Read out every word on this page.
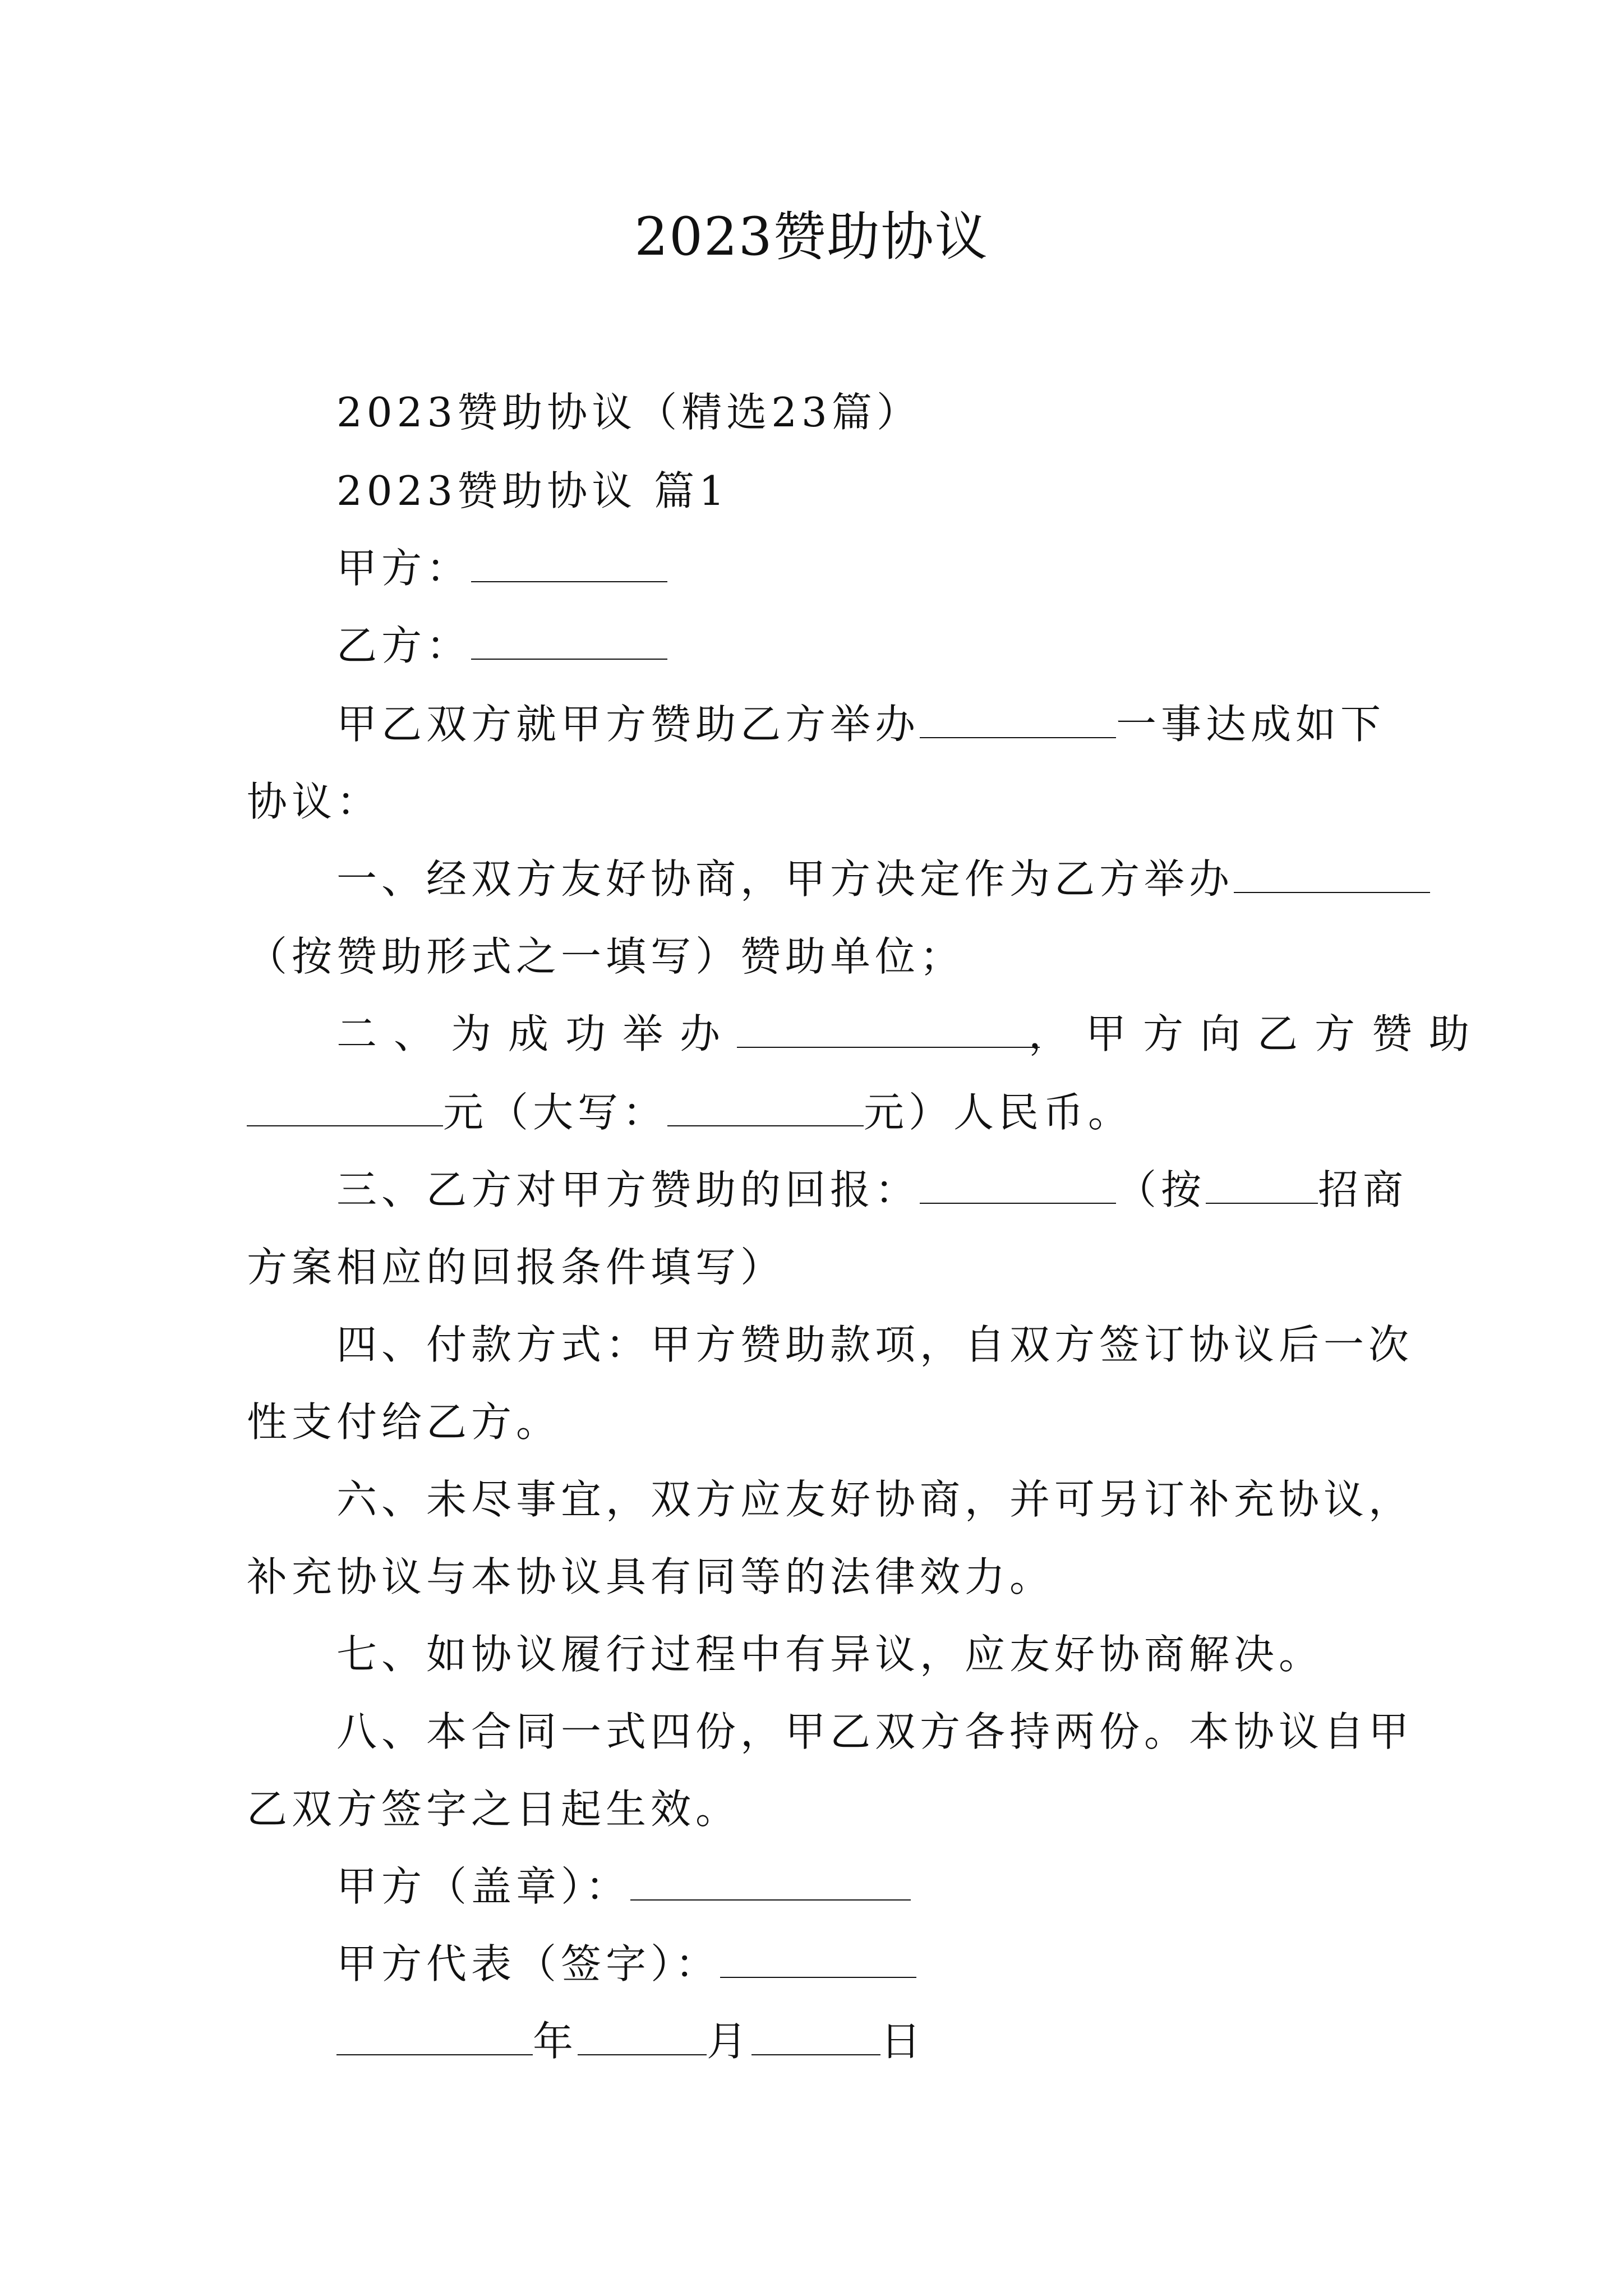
2023赞助协议
2023赞助协议（精选23篇）
2023赞助协议 篇1
甲方：
乙方：
甲乙双方就甲方赞助乙方举办	一事达成如下
协议：
一、经双方友好协商，甲方决定作为乙方举办
（按赞助形式之一填写）赞助单位；
二、为成功举办	，甲方向乙方赞助
元（大写：	元）人民币。
三、乙方对甲方赞助的回报：	（按	招商
方案相应的回报条件填写）
四、付款方式：甲方赞助款项，自双方签订协议后一次
性支付给乙方。
六、未尽事宜，双方应友好协商，并可另订补充协议，
补充协议与本协议具有同等的法律效力。
七、如协议履行过程中有异议，应友好协商解决。
八、本合同一式四份，甲乙双方各持两份。本协议自甲
乙双方签字之日起生效。
甲方（盖章）：
甲方代表（签字）：
年	月	日
